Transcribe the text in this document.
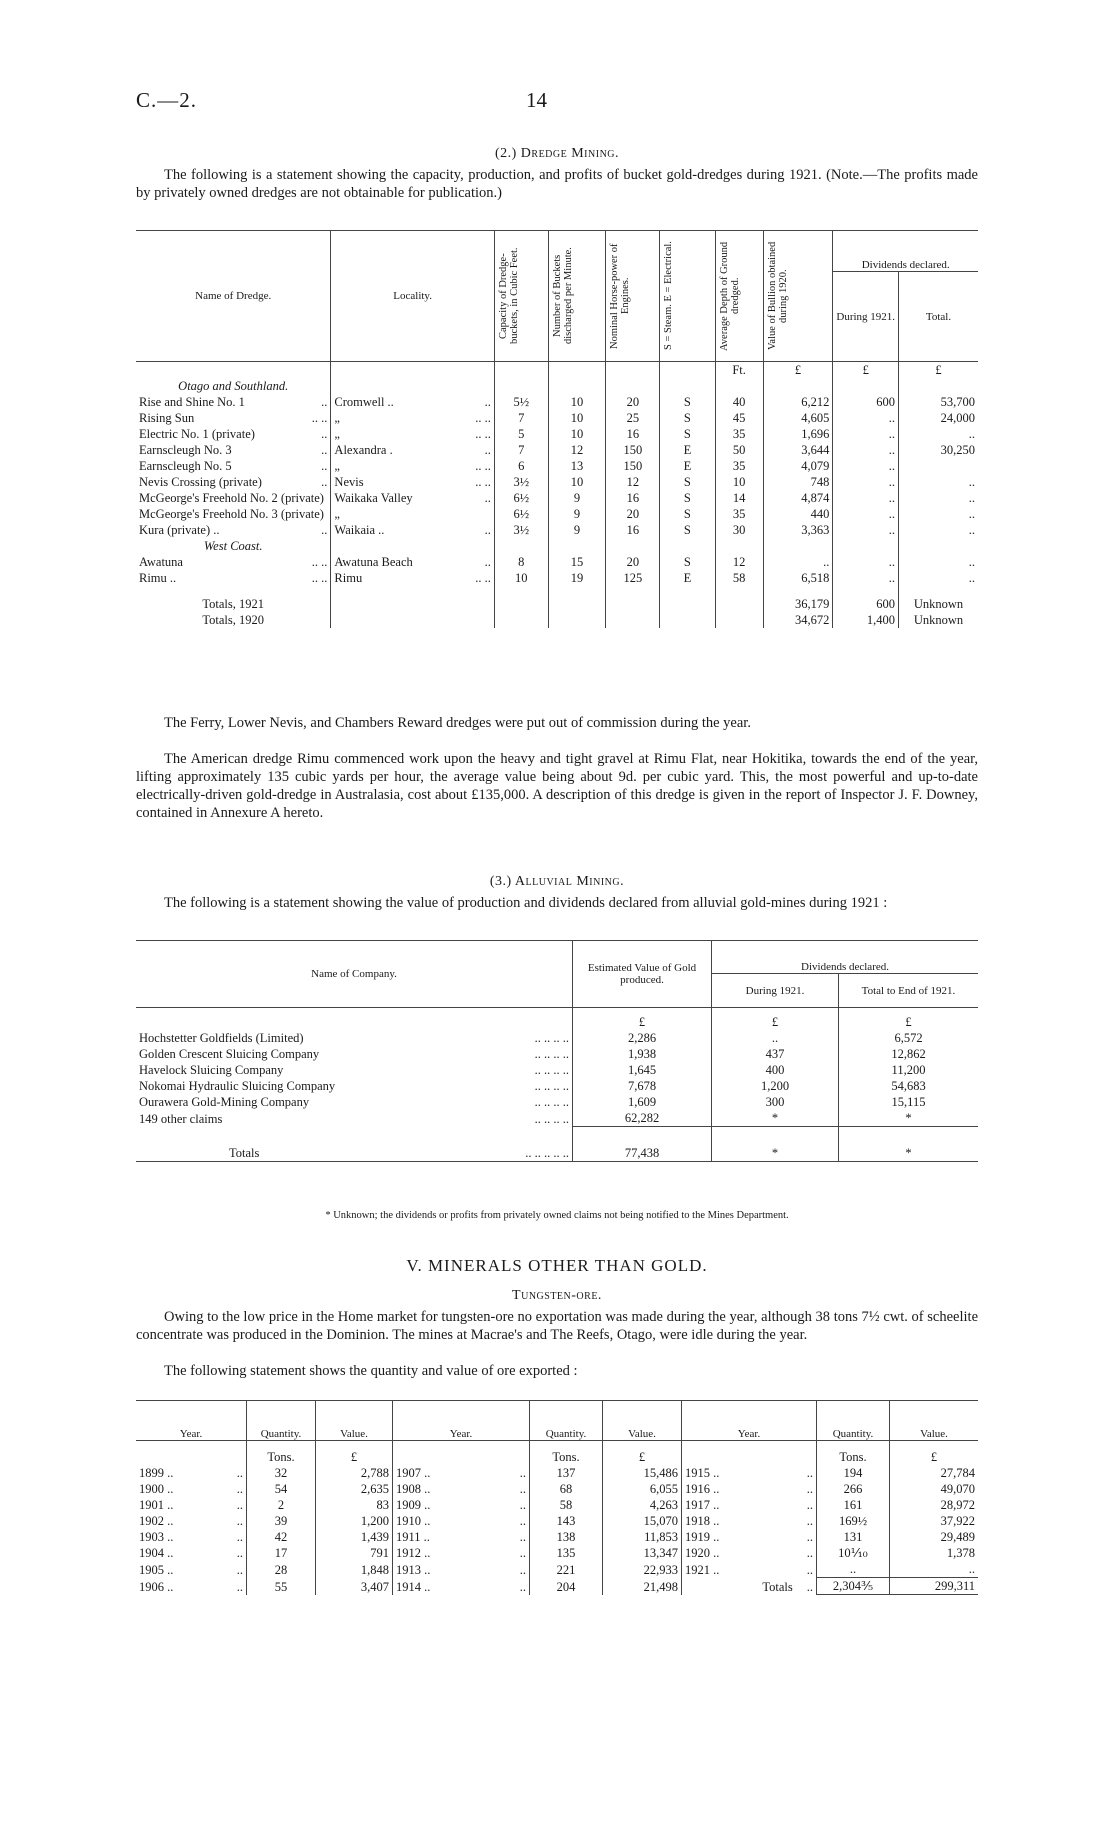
C.—2.	14
(2.) Dredge Mining.
The following is a statement showing the capacity, production, and profits of bucket gold-dredges during 1921. (Note.—The profits made by privately owned dredges are not obtainable for publication.)
Name of Dredge.	Locality.	Capacity of Dredge-buckets, in Cubic Feet.	Number of Buckets discharged per Minute.	Nominal Horse-power of Engines.	S = Steam. E = Electrical.	Average Depth of Ground dredged.	Value of Bullion obtained during 1920.	Dividends declared.	
								During 1921.	Total.
						Ft.	£	£	£
Otago and Southland.									
Rise and Shine No. 1 ..	Cromwell .. ..	5½	10	20	S	40	6,212	600	53,700
Rising Sun .. ..	„ .. ..	7	10	25	S	45	4,605	..	24,000
Electric No. 1 (private) ..	„ .. ..	5	10	16	S	35	1,696	..	..
Earnscleugh No. 3 ..	Alexandra . ..	7	12	150	E	50	3,644	..	30,250
Earnscleugh No. 5 ..	„ .. ..	6	13	150	E	35	4,079	..	
Nevis Crossing (private) ..	Nevis .. ..	3½	10	12	S	10	748	..	..
McGeorge's Freehold No. 2 (private)	Waikaka Valley ..	6½	9	16	S	14	4,874	..	..
McGeorge's Freehold No. 3 (private)	„	6½	9	20	S	35	440	..	..
Kura (private) .. ..	Waikaia .. ..	3½	9	16	S	30	3,363	..	..
West Coast.									
Awatuna .. ..	Awatuna Beach ..	8	15	20	S	12	..	..	..
Rimu .. .. ..	Rimu .. ..	10	19	125	E	58	6,518	..	..

Totals, 1921							36,179	600	Unknown
Totals, 1920							34,672	1,400	Unknown
The Ferry, Lower Nevis, and Chambers Reward dredges were put out of commission during the year.
The American dredge Rimu commenced work upon the heavy and tight gravel at Rimu Flat, near Hokitika, towards the end of the year, lifting approximately 135 cubic yards per hour, the average value being about 9d. per cubic yard. This, the most powerful and up-to-date electrically-driven gold-dredge in Australasia, cost about £135,000. A description of this dredge is given in the report of Inspector J. F. Downey, contained in Annexure A hereto.
(3.) Alluvial Mining.
The following is a statement showing the value of production and dividends declared from alluvial gold-mines during 1921 :
Name of Company.	Estimated Value of Gold produced.	Dividends declared.	
		During 1921.	Total to End of 1921.
	£	£	£
Hochstetter Goldfields (Limited) .. .. .. ..	2,286	..	6,572
Golden Crescent Sluicing Company .. .. .. ..	1,938	437	12,862
Havelock Sluicing Company .. .. .. ..	1,645	400	11,200
Nokomai Hydraulic Sluicing Company .. .. .. ..	7,678	1,200	54,683
Ourawera Gold-Mining Company .. .. .. ..	1,609	300	15,115
149 other claims .. .. .. ..	62,282	*	*
Totals .. .. .. .. ..	77,438	*	*
* Unknown; the dividends or profits from privately owned claims not being notified to the Mines Department.
V. MINERALS OTHER THAN GOLD.
Tungsten-ore.
Owing to the low price in the Home market for tungsten-ore no exportation was made during the year, although 38 tons 7½ cwt. of scheelite concentrate was produced in the Dominion. The mines at Macrae's and The Reefs, Otago, were idle during the year.
The following statement shows the quantity and value of ore exported :
Year.	Quantity.	Value.	Year.	Quantity.	Value.	Year.	Quantity.	Value.
	Tons.	£		Tons.	£		Tons.	£
1899 .. ..	32	2,788	1907 .. ..	137	15,486	1915 .. ..	194	27,784
1900 .. ..	54	2,635	1908 .. ..	68	6,055	1916 .. ..	266	49,070
1901 .. ..	2	83	1909 .. ..	58	4,263	1917 .. ..	161	28,972
1902 .. ..	39	1,200	1910 .. ..	143	15,070	1918 .. ..	169½	37,922
1903 .. ..	42	1,439	1911 .. ..	138	11,853	1919 .. ..	131	29,489
1904 .. ..	17	791	1912 .. ..	135	13,347	1920 .. ..	10⅒	1,378
1905 .. ..	28	1,848	1913 .. ..	221	22,933	1921 .. ..	..	..
1906 .. ..	55	3,407	1914 .. ..	204	21,498	Totals ..	2,304⅗	299,311
